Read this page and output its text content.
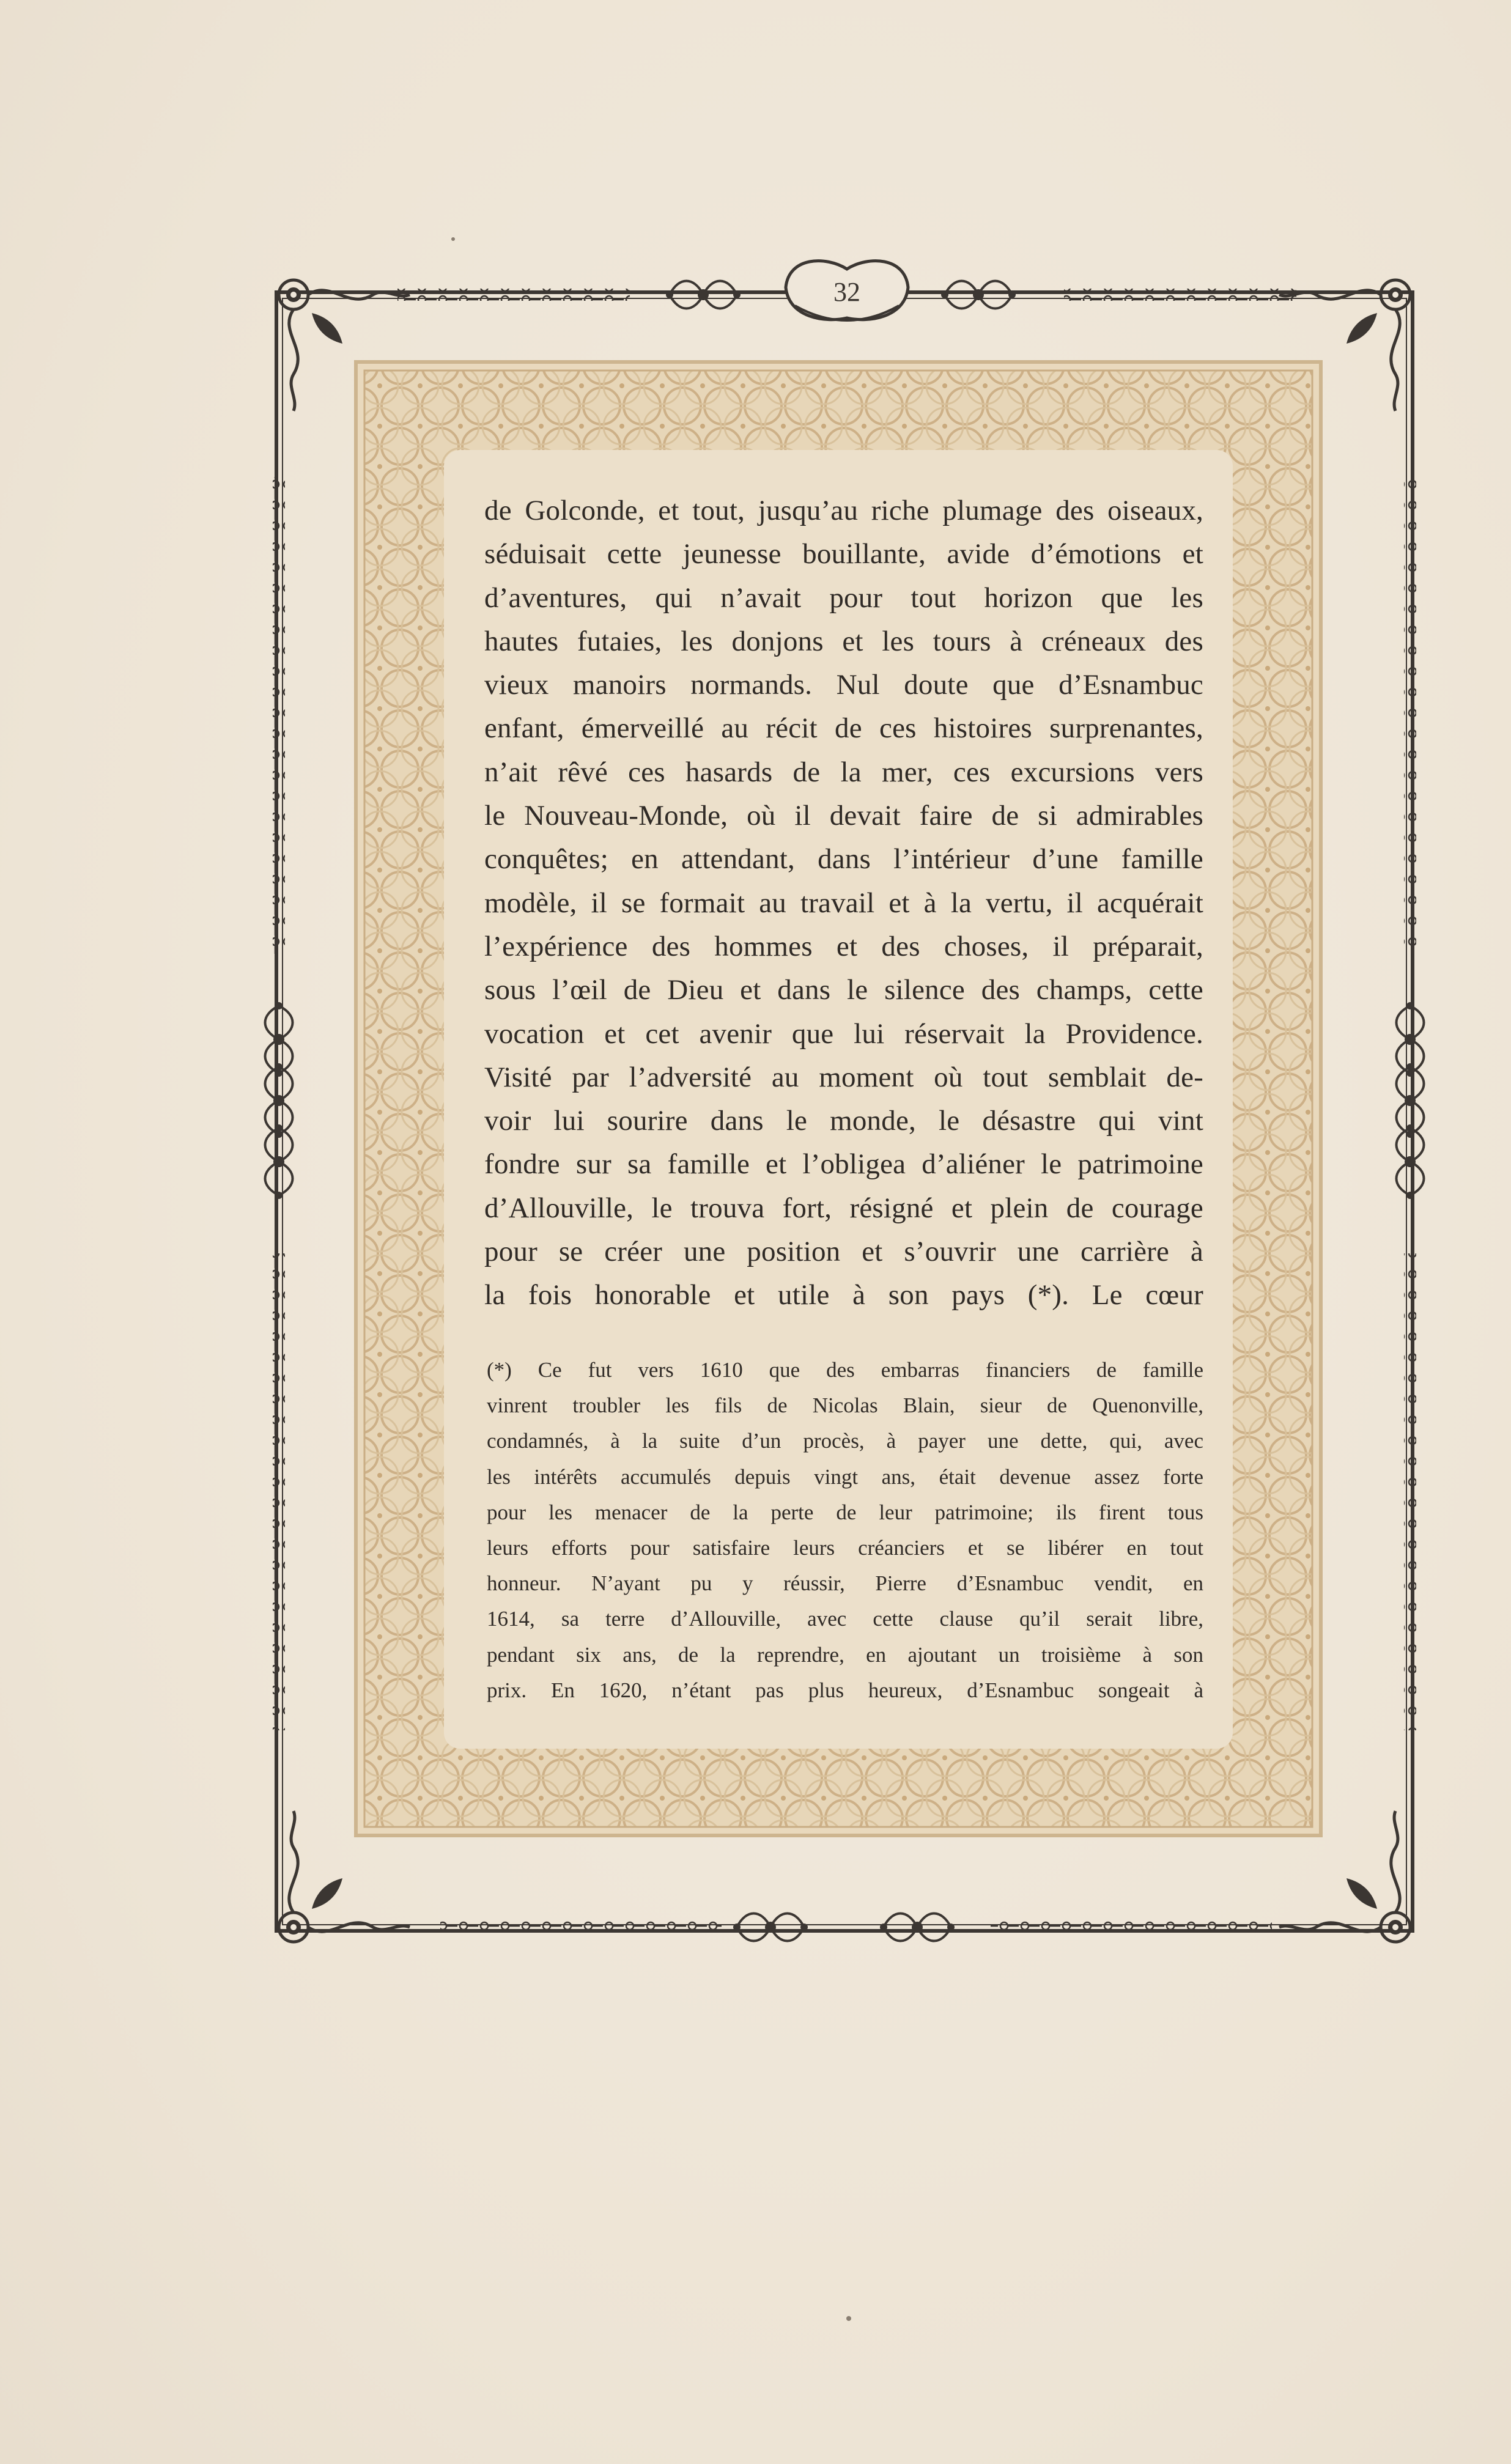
32
de Golconde, et tout, jusqu’au riche plumage des oiseaux,
séduisait cette jeunesse bouillante, avide d’émotions et
d’aventures, qui n’avait pour tout horizon que les
hautes futaies, les donjons et les tours à créneaux des
vieux manoirs normands. Nul doute que d’Esnambuc
enfant, émerveillé au récit de ces histoires surprenantes,
n’ait rêvé ces hasards de la mer, ces excursions vers
le Nouveau-Monde, où il devait faire de si admirables
conquêtes; en attendant, dans l’intérieur d’une famille
modèle, il se formait au travail et à la vertu, il acquérait
l’expérience des hommes et des choses, il préparait,
sous l’œil de Dieu et dans le silence des champs, cette
vocation et cet avenir que lui réservait la Providence.
Visité par l’adversité au moment où tout semblait de-
voir lui sourire dans le monde, le désastre qui vint
fondre sur sa famille et l’obligea d’aliéner le patrimoine
d’Allouville, le trouva fort, résigné et plein de courage
pour se créer une position et s’ouvrir une carrière à
la fois honorable et utile à son pays (*). Le cœur
(*) Ce fut vers 1610 que des embarras financiers de famille
vinrent troubler les fils de Nicolas Blain, sieur de Quenonville,
condamnés, à la suite d’un procès, à payer une dette, qui, avec
les intérêts accumulés depuis vingt ans, était devenue assez forte
pour les menacer de la perte de leur patrimoine; ils firent tous
leurs efforts pour satisfaire leurs créanciers et se libérer en tout
honneur. N’ayant pu y réussir, Pierre d’Esnambuc vendit, en
1614, sa terre d’Allouville, avec cette clause qu’il serait libre,
pendant six ans, de la reprendre, en ajoutant un troisième à son
prix. En 1620, n’étant pas plus heureux, d’Esnambuc songeait à
